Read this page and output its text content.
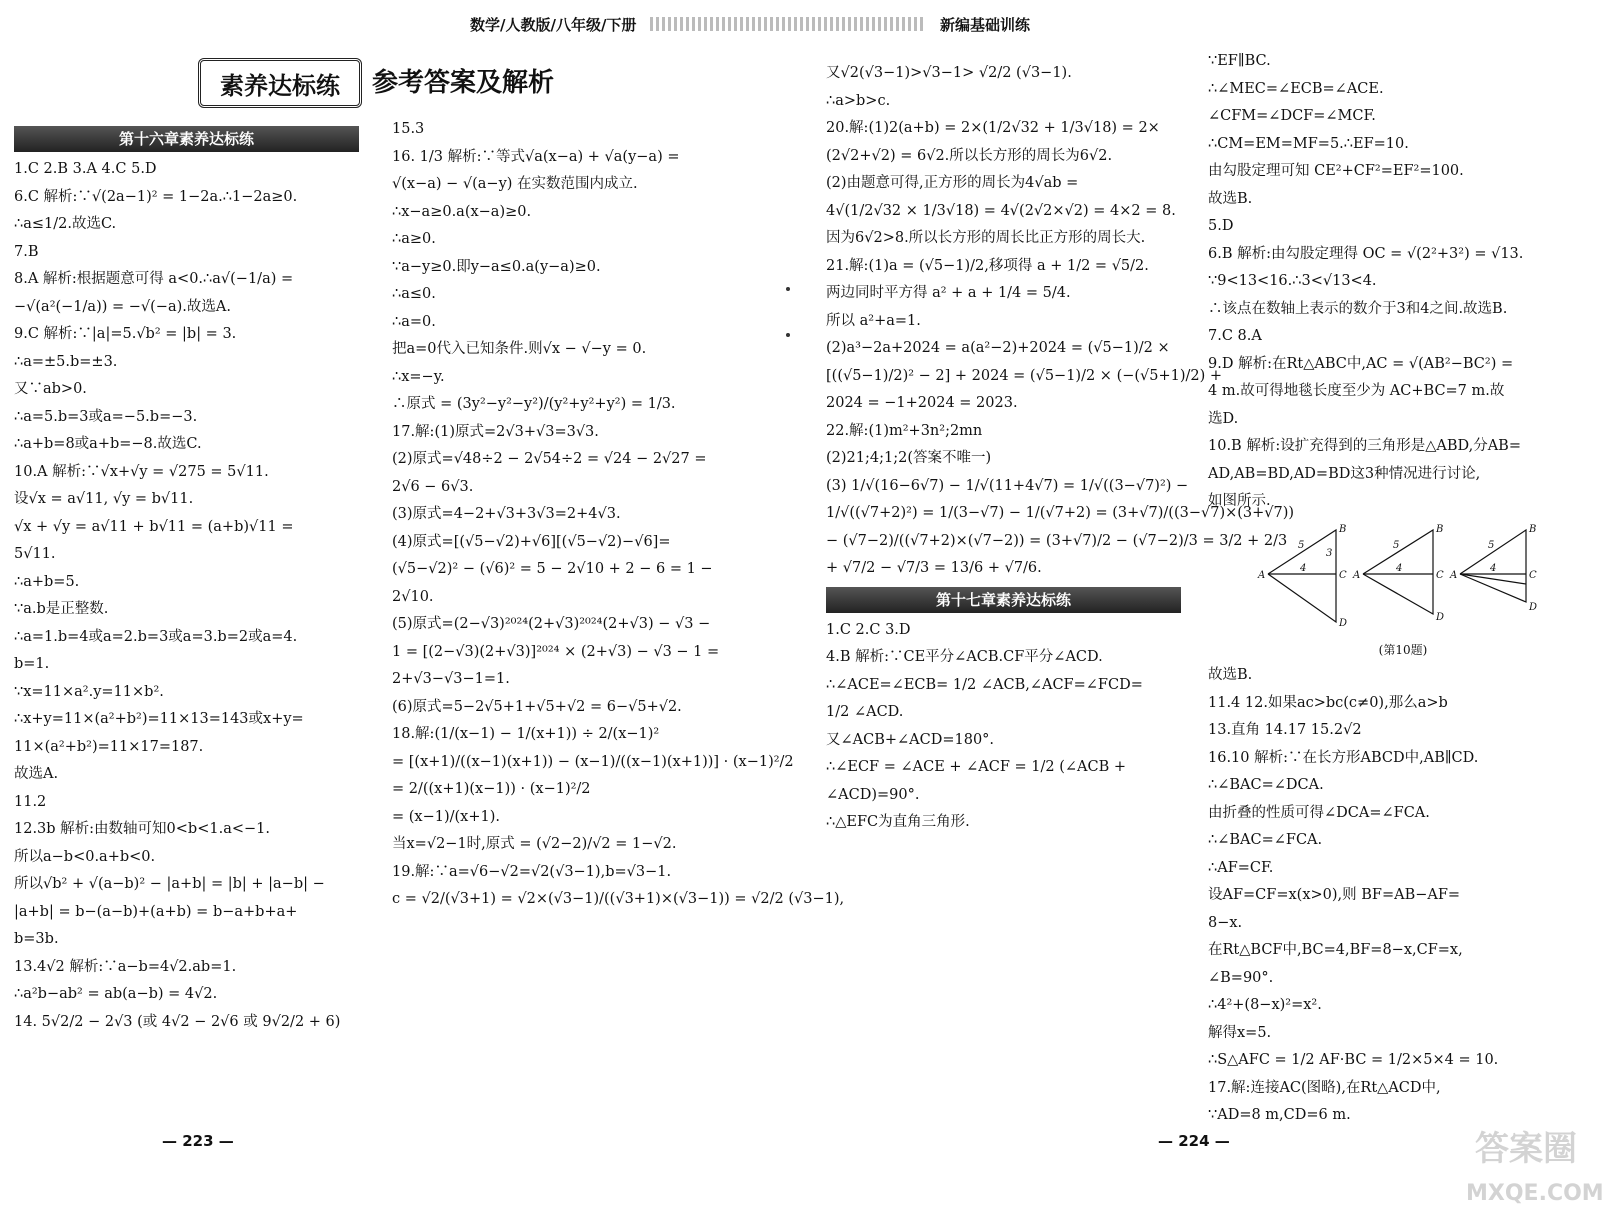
数学/人教版/八年级/下册	新编基础训练
素养达标练	参考答案及解析
第十六章素养达标练
1.C 2.B 3.A 4.C 5.D
6.C 解析:∵√(2a−1)² = 1−2a.∴1−2a≥0.
∴a≤1/2.故选C.
7.B
8.A 解析:根据题意可得 a<0.∴a√(−1/a) =
−√(a²(−1/a)) = −√(−a).故选A.
9.C 解析:∵|a|=5.√b² = |b| = 3.
∴a=±5.b=±3.
又∵ab>0.
∴a=5.b=3或a=−5.b=−3.
∴a+b=8或a+b=−8.故选C.
10.A 解析:∵√x+√y = √275 = 5√11.
设√x = a√11, √y = b√11.
√x + √y = a√11 + b√11 = (a+b)√11 =
5√11.
∴a+b=5.
∵a.b是正整数.
∴a=1.b=4或a=2.b=3或a=3.b=2或a=4.
b=1.
∵x=11×a².y=11×b².
∴x+y=11×(a²+b²)=11×13=143或x+y=
11×(a²+b²)=11×17=187.
故选A.
11.2
12.3b 解析:由数轴可知0<b<1.a<−1.
所以a−b<0.a+b<0.
所以√b² + √(a−b)² − |a+b| = |b| + |a−b| −
|a+b| = b−(a−b)+(a+b) = b−a+b+a+
b=3b.
13.4√2 解析:∵a−b=4√2.ab=1.
∴a²b−ab² = ab(a−b) = 4√2.
14. 5√2/2 − 2√3 (或 4√2 − 2√6 或 9√2/2 + 6)
15.3
16. 1/3 解析:∵等式√a(x−a) + √a(y−a) =
√(x−a) − √(a−y) 在实数范围内成立.
∴x−a≥0.a(x−a)≥0.
∴a≥0.
∵a−y≥0.即y−a≤0.a(y−a)≥0.
∴a≤0.
∴a=0.
把a=0代入已知条件.则√x − √−y = 0.
∴x=−y.
∴原式 = (3y²−y²−y²)/(y²+y²+y²) = 1/3.
17.解:(1)原式=2√3+√3=3√3.
(2)原式=√48÷2 − 2√54÷2 = √24 − 2√27 =
2√6 − 6√3.
(3)原式=4−2+√3+3√3=2+4√3.
(4)原式=[(√5−√2)+√6][(√5−√2)−√6]=
(√5−√2)² − (√6)² = 5 − 2√10 + 2 − 6 = 1 −
2√10.
(5)原式=(2−√3)²⁰²⁴(2+√3)²⁰²⁴(2+√3) − √3 −
1 = [(2−√3)(2+√3)]²⁰²⁴ × (2+√3) − √3 − 1 =
2+√3−√3−1=1.
(6)原式=5−2√5+1+√5+√2 = 6−√5+√2.
18.解:(1/(x−1) − 1/(x+1)) ÷ 2/(x−1)²
= [(x+1)/((x−1)(x+1)) − (x−1)/((x−1)(x+1))] · (x−1)²/2
= 2/((x+1)(x−1)) · (x−1)²/2
= (x−1)/(x+1).
当x=√2−1时,原式 = (√2−2)/√2 = 1−√2.
19.解:∵a=√6−√2=√2(√3−1),b=√3−1.
c = √2/(√3+1) = √2×(√3−1)/((√3+1)×(√3−1)) = √2/2 (√3−1),
又√2(√3−1)>√3−1> √2/2 (√3−1).
∴a>b>c.
20.解:(1)2(a+b) = 2×(1/2√32 + 1/3√18) = 2×
(2√2+√2) = 6√2.所以长方形的周长为6√2.
(2)由题意可得,正方形的周长为4√ab =
4√(1/2√32 × 1/3√18) = 4√(2√2×√2) = 4×2 = 8.
因为6√2>8.所以长方形的周长比正方形的周长大.
21.解:(1)a = (√5−1)/2,移项得 a + 1/2 = √5/2.
两边同时平方得 a² + a + 1/4 = 5/4.
所以 a²+a=1.
(2)a³−2a+2024 = a(a²−2)+2024 = (√5−1)/2 ×
[((√5−1)/2)² − 2] + 2024 = (√5−1)/2 × (−(√5+1)/2) +
2024 = −1+2024 = 2023.
22.解:(1)m²+3n²;2mn
(2)21;4;1;2(答案不唯一)
(3) 1/√(16−6√7) − 1/√(11+4√7) = 1/√((3−√7)²) −
1/√((√7+2)²) = 1/(3−√7) − 1/(√7+2) = (3+√7)/((3−√7)×(3+√7))
− (√7−2)/((√7+2)×(√7−2)) = (3+√7)/2 − (√7−2)/3 = 3/2 + 2/3
+ √7/2 − √7/3 = 13/6 + √7/6.
第十七章素养达标练
1.C 2.C 3.D
4.B 解析:∵CE平分∠ACB.CF平分∠ACD.
∴∠ACE=∠ECB= 1/2 ∠ACB,∠ACF=∠FCD=
1/2 ∠ACD.
又∠ACB+∠ACD=180°.
∴∠ECF = ∠ACE + ∠ACF = 1/2 (∠ACB +
∠ACD)=90°.
∴△EFC为直角三角形.
∵EF∥BC.
∴∠MEC=∠ECB=∠ACE.
∠CFM=∠DCF=∠MCF.
∴CM=EM=MF=5.∴EF=10.
由勾股定理可知 CE²+CF²=EF²=100.
故选B.
5.D
6.B 解析:由勾股定理得 OC = √(2²+3²) = √13.
∵9<13<16.∴3<√13<4.
∴该点在数轴上表示的数介于3和4之间.故选B.
7.C 8.A
9.D 解析:在Rt△ABC中,AC = √(AB²−BC²) =
4 m.故可得地毯长度至少为 AC+BC=7 m.故
选D.
10.B 解析:设扩充得到的三角形是△ABD,分AB=
AD,AB=BD,AD=BD这3种情况进行讨论,
如图所示.
A
B
C
D
5
4
3
A
B
C
D
5
4
A
B
C
D
5
4
(第10题)
故选B.
11.4 12.如果ac>bc(c≠0),那么a>b
13.直角 14.17 15.2√2
16.10 解析:∵在长方形ABCD中,AB∥CD.
∴∠BAC=∠DCA.
由折叠的性质可得∠DCA=∠FCA.
∴∠BAC=∠FCA.
∴AF=CF.
设AF=CF=x(x>0),则 BF=AB−AF=
8−x.
在Rt△BCF中,BC=4,BF=8−x,CF=x,
∠B=90°.
∴4²+(8−x)²=x².
解得x=5.
∴S△AFC = 1/2 AF·BC = 1/2×5×4 = 10.
17.解:连接AC(图略),在Rt△ACD中,
∵AD=8 m,CD=6 m.
— 223 —	— 224 —	答案圈
MXQE.COM
